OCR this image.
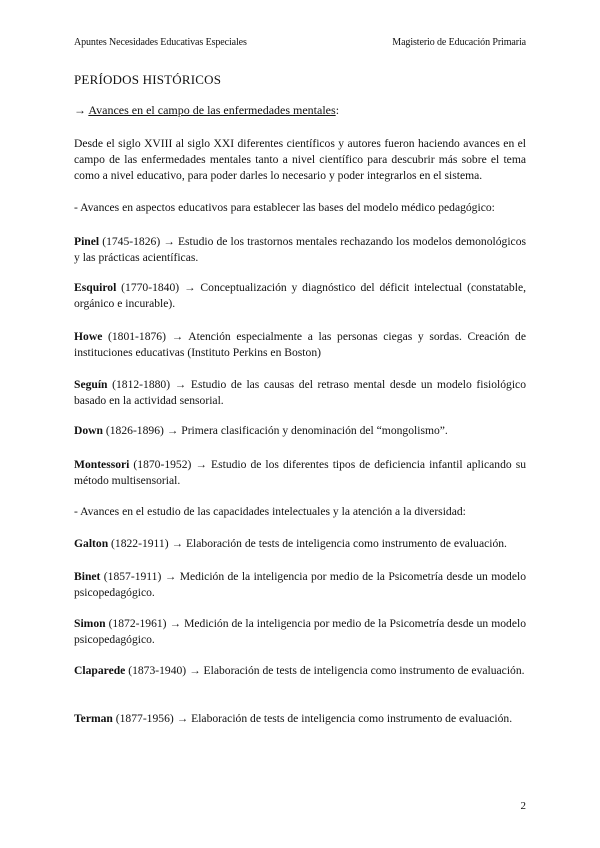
Apuntes Necesidades Educativas Especiales	Magisterio de Educación Primaria
PERÍODOS HISTÓRICOS
→ Avances en el campo de las enfermedades mentales:
Desde el siglo XVIII al siglo XXI diferentes científicos y autores fueron haciendo avances en el campo de las enfermedades mentales tanto a nivel científico para descubrir más sobre el tema como a nivel educativo, para poder darles lo necesario y poder integrarlos en el sistema.
- Avances en aspectos educativos para establecer las bases del modelo médico pedagógico:
Pinel (1745-1826) → Estudio de los trastornos mentales rechazando los modelos demonológicos y las prácticas acientíficas.
Esquirol (1770-1840) → Conceptualización y diagnóstico del déficit intelectual (constatable, orgánico e incurable).
Howe (1801-1876) → Atención especialmente a las personas ciegas y sordas. Creación de instituciones educativas (Instituto Perkins en Boston)
Seguín (1812-1880) → Estudio de las causas del retraso mental desde un modelo fisiológico basado en la actividad sensorial.
Down (1826-1896) → Primera clasificación y denominación del “mongolismo”.
Montessori (1870-1952) → Estudio de los diferentes tipos de deficiencia infantil aplicando su método multisensorial.
- Avances en el estudio de las capacidades intelectuales y la atención a la diversidad:
Galton (1822-1911) → Elaboración de tests de inteligencia como instrumento de evaluación.
Binet (1857-1911) → Medición de la inteligencia por medio de la Psicometría desde un modelo psicopedagógico.
Simon (1872-1961) → Medición de la inteligencia por medio de la Psicometría desde un modelo psicopedagógico.
Claparede (1873-1940) → Elaboración de tests de inteligencia como instrumento de evaluación.
Terman (1877-1956) → Elaboración de tests de inteligencia como instrumento de evaluación.
2
